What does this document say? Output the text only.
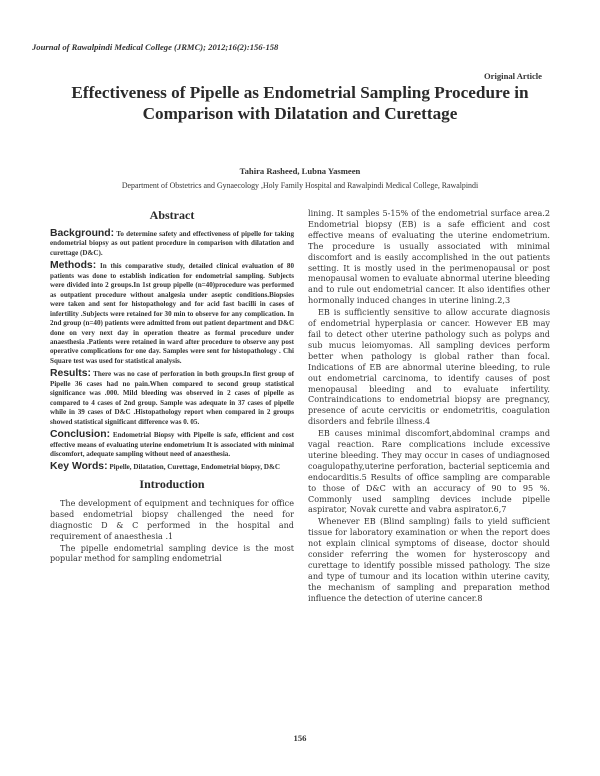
Journal of Rawalpindi Medical College (JRMC); 2012;16(2):156-158
Original Article
Effectiveness of Pipelle as Endometrial Sampling Procedure in Comparison with Dilatation and Curettage
Tahira Rasheed, Lubna Yasmeen
Department of Obstetrics and Gynaecology ,Holy Family Hospital and Rawalpindi Medical College, Rawalpindi
Abstract

Background: To determine safety and effectiveness of pipelle for taking endometrial biopsy as out patient procedure in comparison with dilatation and curettage (D&C).

Methods: In this comparative study, detailed clinical evaluation of 80 patients was done to establish indication for endometrial sampling. Subjects were divided into 2 groups.In 1st group pipelle (n=40)procedure was performed as outpatient procedure without analgesia under aseptic conditions.Biopsies were taken and sent for histopathology and for acid fast bacilli in cases of infertility .Subjects were retained for 30 min to observe for any complication. In 2nd group (n=40) patients were admitted from out patient department and D&C done on very next day in operation theatre as formal procedure under anaesthesia .Patients were retained in ward after procedure to observe any post operative complications for one day. Samples were sent for histopathology . Chi Square test was used for statistical analysis.

Results: There was no case of perforation in both groups.In first group of Pipelle 36 cases had no pain.When compared to second group statistical significance was .000. Mild bleeding was observed in 2 cases of pipelle as compared to 4 cases of 2nd group. Sample was adequate in 37 cases of pipelle while in 39 cases of D&C .Histopathology report when compared in 2 groups showed statistical significant difference was 0. 05.

Conclusion: Endometrial Biopsy with Pipelle is safe, efficient and cost effective means of evaluating uterine endometrium It is associated with minimal discomfort, adequate sampling without need of anaesthesia.

Key Words: Pipelle, Dilatation, Curettage, Endometrial biopsy, D&C

Introduction

The development of equipment and techniques for office based endometrial biopsy challenged the need for diagnostic D & C performed in the hospital and requirement of anaesthesia .1

The pipelle endometrial sampling device is the most popular method for sampling endometrial

lining. It samples 5-15% of the endometrial surface area.2 Endometrial biopsy (EB) is a safe efficient and cost effective means of evaluating the uterine endometrium. The procedure is usually associated with minimal discomfort and is easily accomplished in the out patients setting. It is mostly used in the perimenopausal or post menopausal women to evaluate abnormal uterine bleeding and to rule out endometrial cancer. It also identifies other hormonally induced changes in uterine lining.2,3

EB is sufficiently sensitive to allow accurate diagnosis of endometrial hyperplasia or cancer. However EB may fail to detect other uterine pathology such as polyps and sub mucus leiomyomas. All sampling devices perform better when pathology is global rather than focal. Indications of EB are abnormal uterine bleeding, to rule out endometrial carcinoma, to identify causes of post menopausal bleeding and to evaluate infertility. Contraindications to endometrial biopsy are pregnancy, presence of acute cervicitis or endometritis, coagulation disorders and febrile illness.4

EB causes minimal discomfort,abdominal cramps and vagal reaction. Rare complications include excessive uterine bleeding. They may occur in cases of undiagnosed coagulopathy,uterine perforation, bacterial septicemia and endocarditis.5 Results of office sampling are comparable to those of D&C with an accuracy of 90 to 95 %. Commonly used sampling devices include pipelle aspirator, Novak curette and vabra aspirator.6,7

Whenever EB (Blind sampling) fails to yield sufficient tissue for laboratory examination or when the report does not explain clinical symptoms of disease, doctor should consider referring the women for hysteroscopy and curettage to identify possible missed pathology. The size and type of tumour and its location within uterine cavity, the mechanism of sampling and preparation method influence the detection of uterine cancer.8

156
